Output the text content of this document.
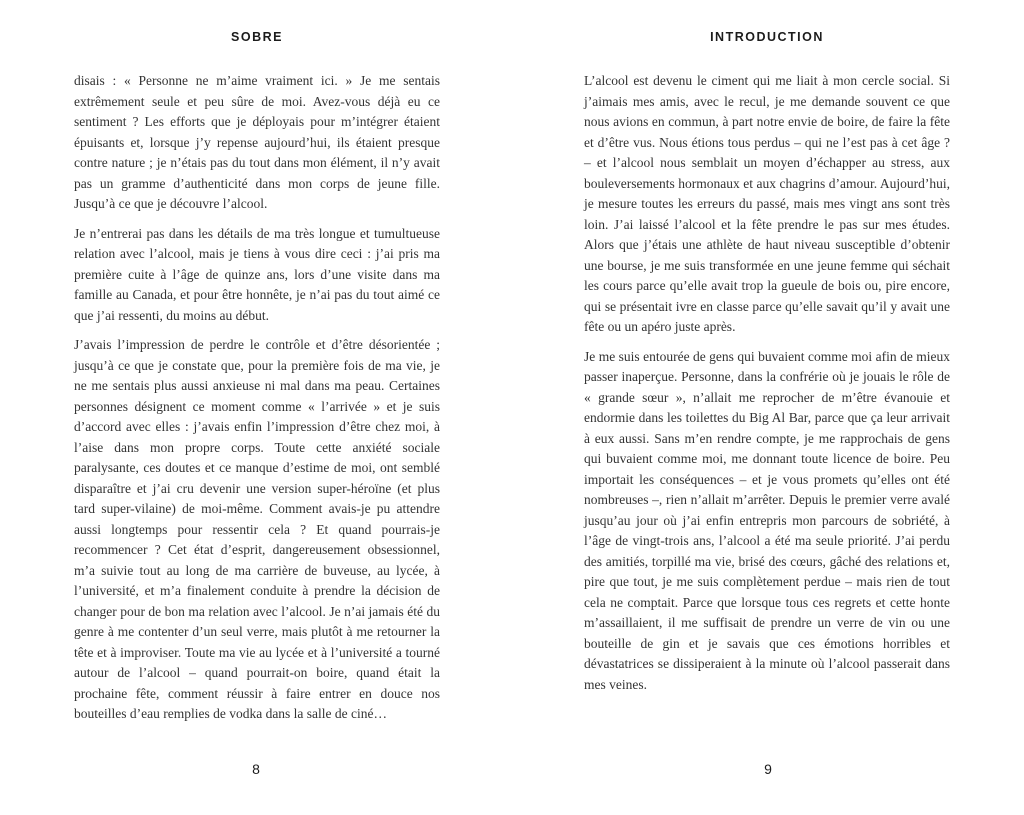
SOBRE

disais : « Personne ne m’aime vraiment ici. » Je me sentais extrêmement seule et peu sûre de moi. Avez-vous déjà eu ce sentiment ? Les efforts que je déployais pour m’intégrer étaient épuisants et, lorsque j’y repense aujourd’hui, ils étaient presque contre nature ; je n’étais pas du tout dans mon élément, il n’y avait pas un gramme d’authenticité dans mon corps de jeune fille. Jusqu’à ce que je découvre l’alcool.

Je n’entrerai pas dans les détails de ma très longue et tumultueuse relation avec l’alcool, mais je tiens à vous dire ceci : j’ai pris ma première cuite à l’âge de quinze ans, lors d’une visite dans ma famille au Canada, et pour être honnête, je n’ai pas du tout aimé ce que j’ai ressenti, du moins au début.

J’avais l’impression de perdre le contrôle et d’être désorientée ; jusqu’à ce que je constate que, pour la première fois de ma vie, je ne me sentais plus aussi anxieuse ni mal dans ma peau. Certaines personnes désignent ce moment comme « l’arrivée » et je suis d’accord avec elles : j’avais enfin l’impression d’être chez moi, à l’aise dans mon propre corps. Toute cette anxiété sociale paralysante, ces doutes et ce manque d’estime de moi, ont semblé disparaître et j’ai cru devenir une version super-héroïne (et plus tard super-vilaine) de moi-même. Comment avais-je pu attendre aussi longtemps pour ressentir cela ? Et quand pourrais-je recommencer ? Cet état d’esprit, dangereusement obsessionnel, m’a suivie tout au long de ma carrière de buveuse, au lycée, à l’université, et m’a finalement conduite à prendre la décision de changer pour de bon ma relation avec l’alcool. Je n’ai jamais été du genre à me contenter d’un seul verre, mais plutôt à me retourner la tête et à improviser. Toute ma vie au lycée et à l’université a tourné autour de l’alcool – quand pourrait-on boire, quand était la prochaine fête, comment réussir à faire entrer en douce nos bouteilles d’eau remplies de vodka dans la salle de ciné…

8
INTRODUCTION

L’alcool est devenu le ciment qui me liait à mon cercle social. Si j’aimais mes amis, avec le recul, je me demande souvent ce que nous avions en commun, à part notre envie de boire, de faire la fête et d’être vus. Nous étions tous perdus – qui ne l’est pas à cet âge ? – et l’alcool nous semblait un moyen d’échapper au stress, aux bouleversements hormonaux et aux chagrins d’amour. Aujourd’hui, je mesure toutes les erreurs du passé, mais mes vingt ans sont très loin. J’ai laissé l’alcool et la fête prendre le pas sur mes études. Alors que j’étais une athlète de haut niveau susceptible d’obtenir une bourse, je me suis transformée en une jeune femme qui séchait les cours parce qu’elle avait trop la gueule de bois ou, pire encore, qui se présentait ivre en classe parce qu’elle savait qu’il y avait une fête ou un apéro juste après.

Je me suis entourée de gens qui buvaient comme moi afin de mieux passer inaperçue. Personne, dans la confrérie où je jouais le rôle de « grande sœur », n’allait me reprocher de m’être évanouie et endormie dans les toilettes du Big Al Bar, parce que ça leur arrivait à eux aussi. Sans m’en rendre compte, je me rapprochais de gens qui buvaient comme moi, me donnant toute licence de boire. Peu importait les conséquences – et je vous promets qu’elles ont été nombreuses –, rien n’allait m’arrêter. Depuis le premier verre avalé jusqu’au jour où j’ai enfin entrepris mon parcours de sobriété, à l’âge de vingt-trois ans, l’alcool a été ma seule priorité. J’ai perdu des amitiés, torpillé ma vie, brisé des cœurs, gâché des relations et, pire que tout, je me suis complètement perdue – mais rien de tout cela ne comptait. Parce que lorsque tous ces regrets et cette honte m’assaillaient, il me suffisait de prendre un verre de vin ou une bouteille de gin et je savais que ces émotions horribles et dévastatrices se dissiperaient à la minute où l’alcool passerait dans mes veines.

9
